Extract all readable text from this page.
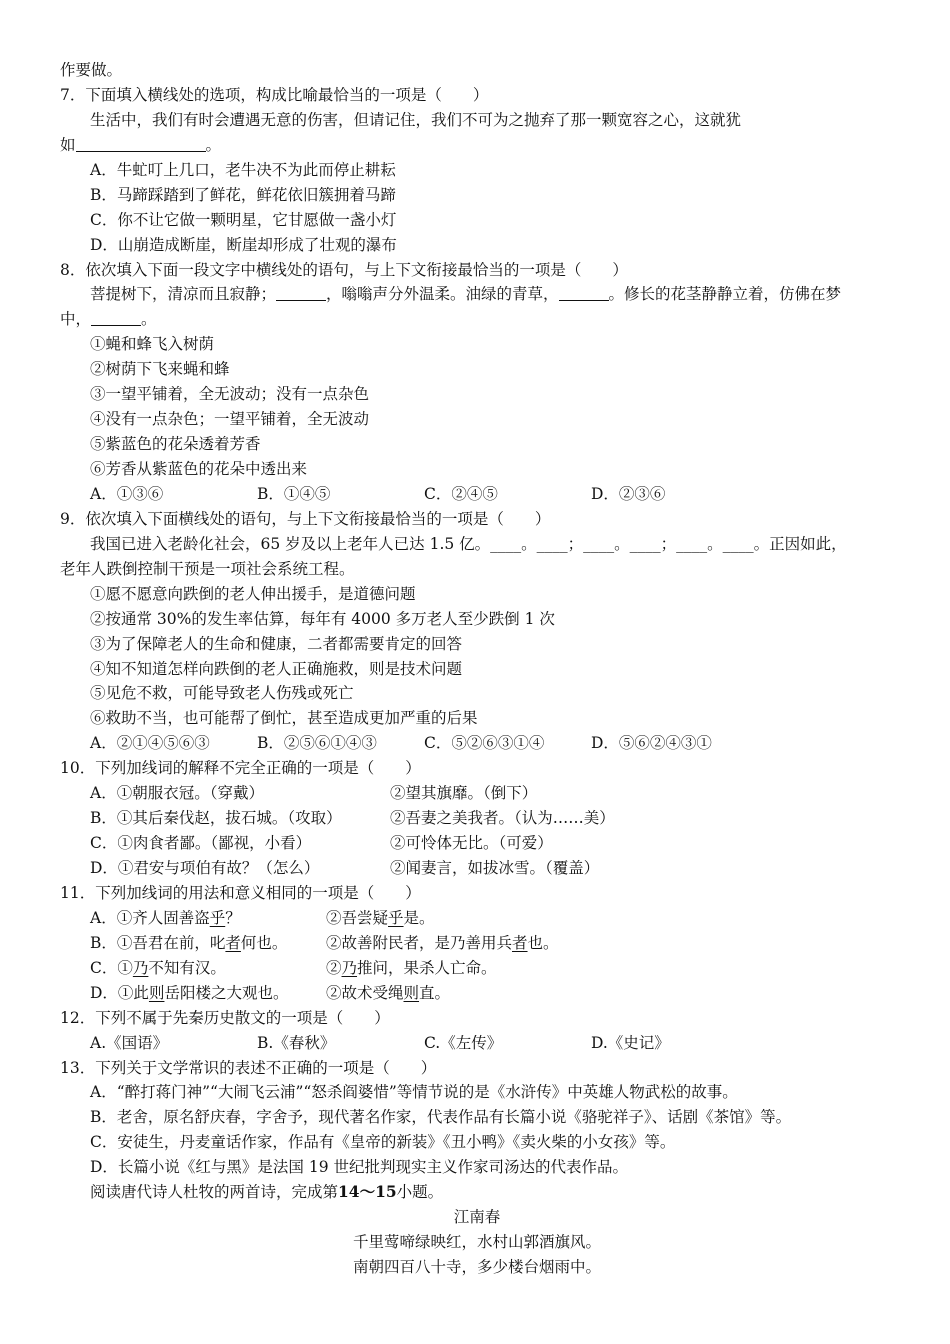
作要做。
7．下面填入横线处的选项，构成比喻最恰当的一项是（　　）
生活中，我们有时会遭遇无意的伤害，但请记住，我们不可为之抛弃了那一颗宽容之心，这就犹
如	。
A．牛虻叮上几口，老牛决不为此而停止耕耘
B．马蹄踩踏到了鲜花，鲜花依旧簇拥着马蹄
C．你不让它做一颗明星，它甘愿做一盏小灯
D．山崩造成断崖，断崖却形成了壮观的瀑布
8．依次填入下面一段文字中横线处的语句，与上下文衔接最恰当的一项是（　　）
菩提树下，清凉而且寂静；	，嗡嗡声分外温柔。油绿的青草，	。修长的花茎静静立着，仿佛在梦
中，	。
①蝇和蜂飞入树荫
②树荫下飞来蝇和蜂
③一望平铺着，全无波动；没有一点杂色
④没有一点杂色；一望平铺着，全无波动
⑤紫蓝色的花朵透着芳香
⑥芳香从紫蓝色的花朵中透出来
A．①③⑥	B．①④⑤	C．②④⑤	D．②③⑥
9．依次填入下面横线处的语句，与上下文衔接最恰当的一项是（　　）
我国已进入老龄化社会，65 岁及以上老年人已达 1.5 亿。____。____；____。____；____。____。正因如此，
老年人跌倒控制干预是一项社会系统工程。
①愿不愿意向跌倒的老人伸出援手，是道德问题
②按通常 30%的发生率估算，每年有 4000 多万老人至少跌倒 1 次
③为了保障老人的生命和健康，二者都需要肯定的回答
④知不知道怎样向跌倒的老人正确施救，则是技术问题
⑤见危不救，可能导致老人伤残或死亡
⑥救助不当，也可能帮了倒忙，甚至造成更加严重的后果
A．②①④⑤⑥③	B．②⑤⑥①④③	C．⑤②⑥③①④	D．⑤⑥②④③①
10．下列加线词的解释不完全正确的一项是（　　）
A．①朝服衣冠。（穿戴）	②望其旗靡。（倒下）
B．①其后秦伐赵，拔石城。（攻取）	②吾妻之美我者。（认为……美）
C．①肉食者鄙。（鄙视，小看）	②可怜体无比。（可爱）
D．①君安与项伯有故？（怎么）	②闻妻言，如拔冰雪。（覆盖）
11．下列加线词的用法和意义相同的一项是（　　）
A．①齐人固善盗乎？	②吾尝疑乎是。
B．①吾君在前，叱者何也。	②故善附民者，是乃善用兵者也。
C．①乃不知有汉。	②乃推问，果杀人亡命。
D．①此则岳阳楼之大观也。	②故术受绳则直。
12．下列不属于先秦历史散文的一项是（　　）
A.《国语》	B.《春秋》	C.《左传》	D.《史记》
13．下列关于文学常识的表述不正确的一项是（　　）
A．“醉打蒋门神”“大闹飞云浦”“怒杀阎婆惜”等情节说的是《水浒传》中英雄人物武松的故事。
B．老舍，原名舒庆春，字舍予，现代著名作家，代表作品有长篇小说《骆驼祥子》、话剧《茶馆》等。
C．安徒生，丹麦童话作家，作品有《皇帝的新装》《丑小鸭》《卖火柴的小女孩》等。
D．长篇小说《红与黑》是法国 19 世纪批判现实主义作家司汤达的代表作品。
阅读唐代诗人杜牧的两首诗，完成第14～15小题。
江南春
千里莺啼绿映红，水村山郭酒旗风。
南朝四百八十寺，多少楼台烟雨中。
